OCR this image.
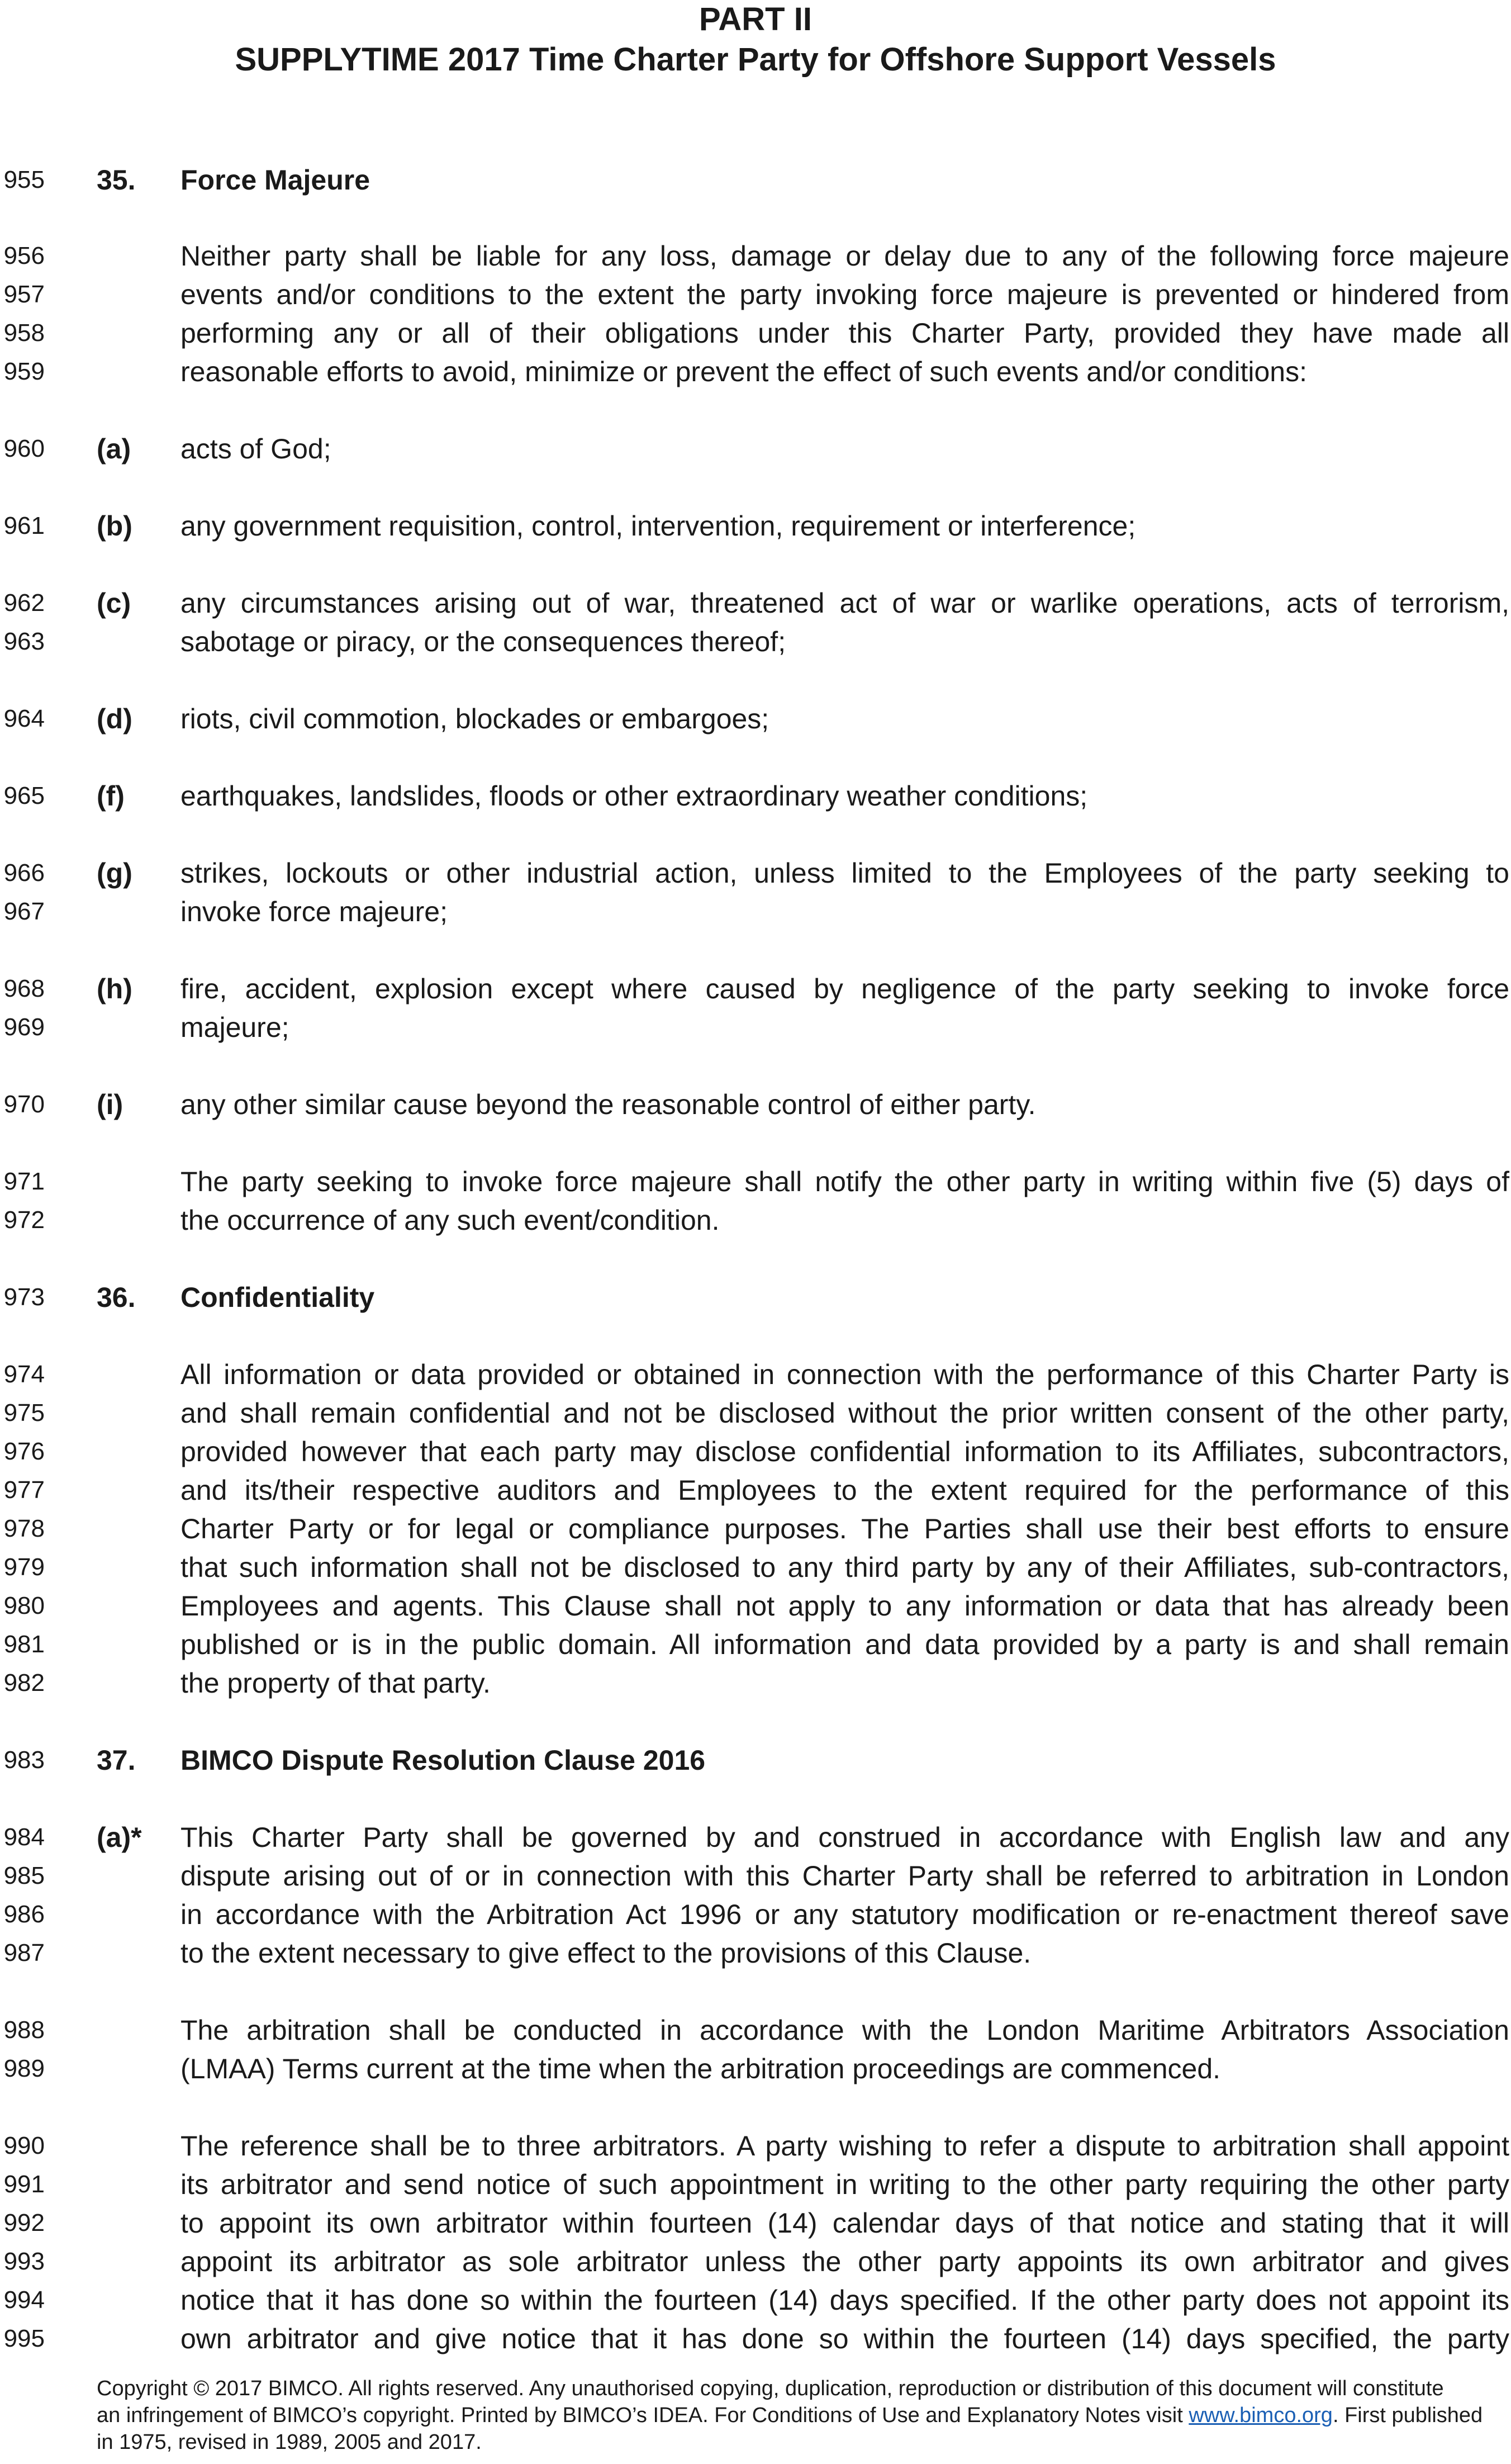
PART II
SUPPLYTIME 2017 Time Charter Party for Offshore Support Vessels
955
956
957
958
959
960
961
962
963
964
965
966
967
968
969
970
971
972
973
974
975
976
977
978
979
980
981
982
983
984
985
986
987
988
989
990
991
992
993
994
995
35. Force Majeure
Neither party shall be liable for any loss, damage or delay due to any of the following force majeure
events and/or conditions to the extent the party invoking force majeure is prevented or hindered from
performing any or all of their obligations under this Charter Party, provided they have made all
reasonable efforts to avoid, minimize or prevent the effect of such events and/or conditions:
(a) acts of God;
(b) any government requisition, control, intervention, requirement or interference;
(c) any circumstances arising out of war, threatened act of war or warlike operations, acts of terrorism,
sabotage or piracy, or the consequences thereof;
(d) riots, civil commotion, blockades or embargoes;
(f) earthquakes, landslides, floods or other extraordinary weather conditions;
(g) strikes, lockouts or other industrial action, unless limited to the Employees of the party seeking to
invoke force majeure;
(h) fire, accident, explosion except where caused by negligence of the party seeking to invoke force
majeure;
(i) any other similar cause beyond the reasonable control of either party.
The party seeking to invoke force majeure shall notify the other party in writing within five (5) days of
the occurrence of any such event/condition.
36. Confidentiality
All information or data provided or obtained in connection with the performance of this Charter Party is
and shall remain confidential and not be disclosed without the prior written consent of the other party,
provided however that each party may disclose confidential information to its Affiliates, subcontractors,
and its/their respective auditors and Employees to the extent required for the performance of this
Charter Party or for legal or compliance purposes. The Parties shall use their best efforts to ensure
that such information shall not be disclosed to any third party by any of their Affiliates, sub-contractors,
Employees and agents. This Clause shall not apply to any information or data that has already been
published or is in the public domain. All information and data provided by a party is and shall remain
the property of that party.
37. BIMCO Dispute Resolution Clause 2016
(a)* This Charter Party shall be governed by and construed in accordance with English law and any
dispute arising out of or in connection with this Charter Party shall be referred to arbitration in London
in accordance with the Arbitration Act 1996 or any statutory modification or re-enactment thereof save
to the extent necessary to give effect to the provisions of this Clause.
The arbitration shall be conducted in accordance with the London Maritime Arbitrators Association
(LMAA) Terms current at the time when the arbitration proceedings are commenced.
The reference shall be to three arbitrators. A party wishing to refer a dispute to arbitration shall appoint
its arbitrator and send notice of such appointment in writing to the other party requiring the other party
to appoint its own arbitrator within fourteen (14) calendar days of that notice and stating that it will
appoint its arbitrator as sole arbitrator unless the other party appoints its own arbitrator and gives
notice that it has done so within the fourteen (14) days specified. If the other party does not appoint its
own arbitrator and give notice that it has done so within the fourteen (14) days specified, the party
Copyright © 2017 BIMCO. All rights reserved. Any unauthorised copying, duplication, reproduction or distribution of this document will constitute
an infringement of BIMCO’s copyright. Printed by BIMCO’s IDEA. For Conditions of Use and Explanatory Notes visit www.bimco.org. First published
in 1975, revised in 1989, 2005 and 2017.
